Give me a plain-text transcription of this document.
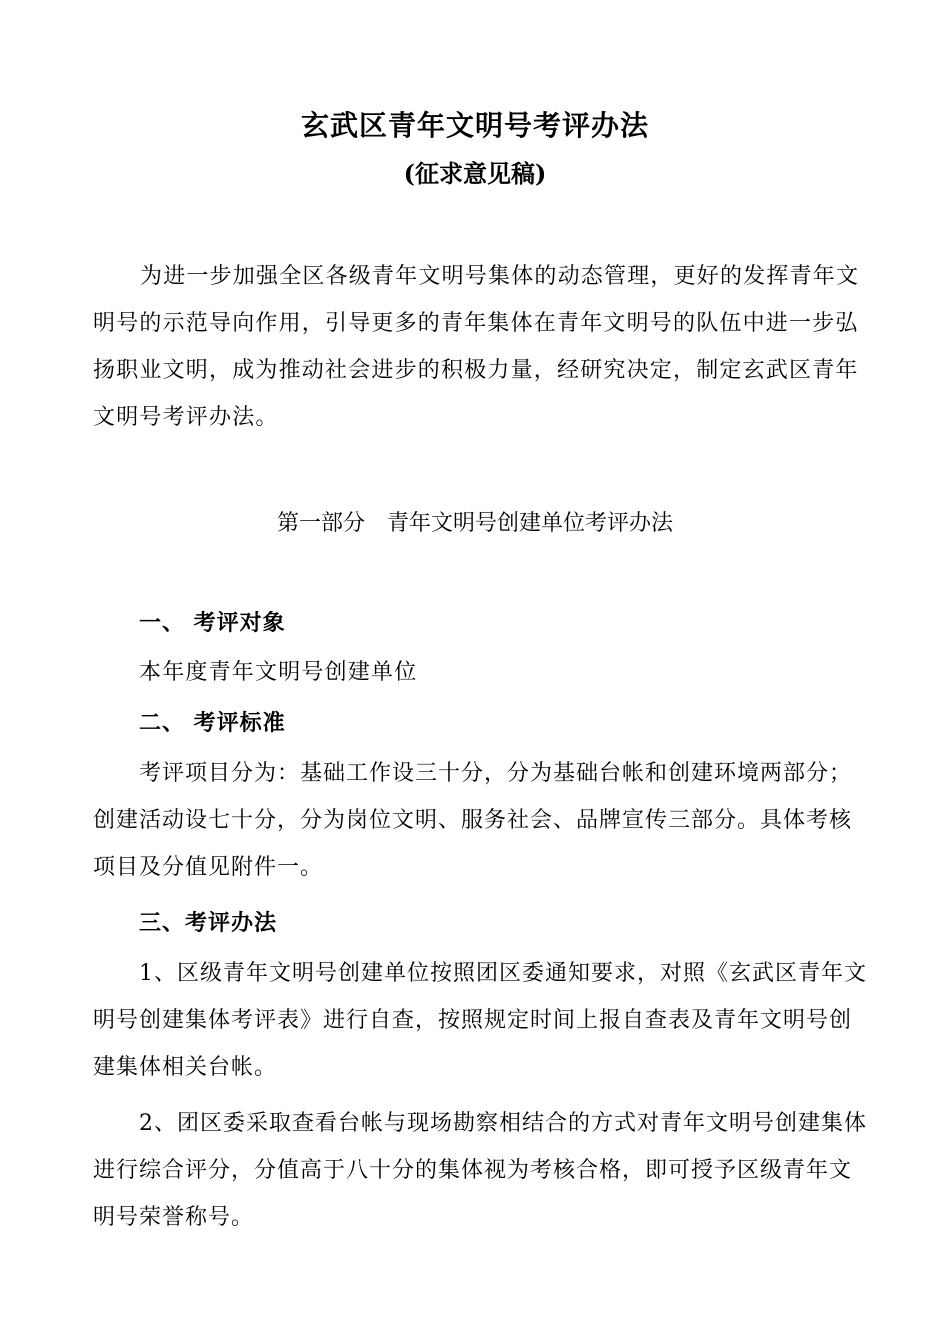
玄武区青年文明号考评办法
(征求意见稿)

为进一步加强全区各级青年文明号集体的动态管理，更好的发挥青年文明号的示范导向作用，引导更多的青年集体在青年文明号的队伍中进一步弘扬职业文明，成为推动社会进步的积极力量，经研究决定，制定玄武区青年文明号考评办法。

第一部分　青年文明号创建单位考评办法
一、 考评对象
本年度青年文明号创建单位
二、 考评标准

考评项目分为：基础工作设三十分，分为基础台帐和创建环境两部分；创建活动设七十分，分为岗位文明、服务社会、品牌宣传三部分。具体考核项目及分值见附件一。

三、考评办法

1、区级青年文明号创建单位按照团区委通知要求，对照《玄武区青年文明号创建集体考评表》进行自查，按照规定时间上报自查表及青年文明号创建集体相关台帐。

2、团区委采取查看台帐与现场勘察相结合的方式对青年文明号创建集体进行综合评分，分值高于八十分的集体视为考核合格，即可授予区级青年文明号荣誉称号。
